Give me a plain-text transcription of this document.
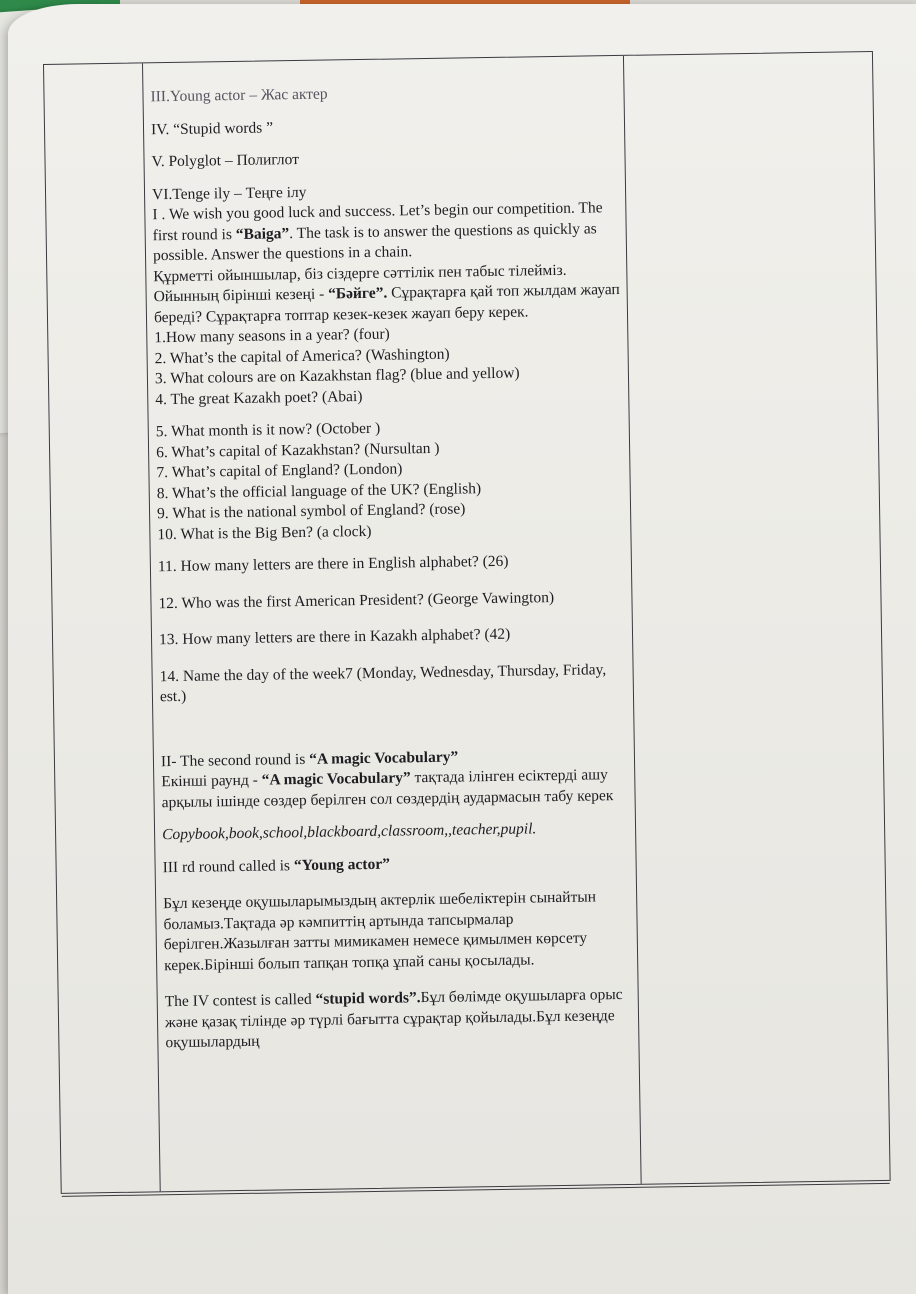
III.Young actor – Жас актер

IV. “Stupid words ”

V. Polyglot – Полиглот

VI.Tenge ily – Теңге ілу

I . We wish you good luck and success. Let’s begin our competition. The first round is “Baiga”. The task is to answer the questions as quickly as possible. Answer the questions in a chain.

Құрметті ойыншылар, біз сіздерге сәттілік пен табыс тілейміз. Ойынның бірінші кезеңі - “Бәйге”. Сұрақтарға қай топ жылдам жауап береді? Сұрақтарға топтар кезек-кезек жауап беру керек.

1.How many seasons in a year? (four)

2. What’s the capital of America? (Washington)

3. What colours are on Kazakhstan flag? (blue and yellow)

4. The great Kazakh poet? (Abai)

5. What month is it now? (October )

6. What’s capital of Kazakhstan? (Nursultan )

7. What’s capital of England? (London)

8. What’s the official language of the UK? (English)

9. What is the national symbol of England? (rose)

10. What is the Big Ben? (a clock)

11. How many letters are there in English alphabet? (26)

12. Who was the first American President? (George Vawington)

13. How many letters are there in Kazakh alphabet? (42)

14. Name the day of the week7 (Monday, Wednesday, Thursday, Friday, est.)

II- The second round is “A magic Vocabulary”

Екінші раунд - “A magic Vocabulary” тақтада ілінген есіктерді ашу арқылы ішінде сөздер берілген сол сөздердің аудармасын табу керек

Copybook,book,school,blackboard,classroom,,teacher,pupil.

III rd round called is “Young actor”

Бұл кезеңде оқушыларымыздың актерлік шебеліктерін сынайтын боламыз.Тақтада әр кәмпиттің артында тапсырмалар берілген.Жазылған затты мимикамен немесе қимылмен көрсету керек.Бірінші болып тапқан топқа ұпай саны қосылады.

The IV contest is called “stupid words”.Бұл бөлімде оқушыларға орыс және қазақ тілінде әр түрлі бағытта сұрақтар қойылады.Бұл кезеңде оқушылардың
